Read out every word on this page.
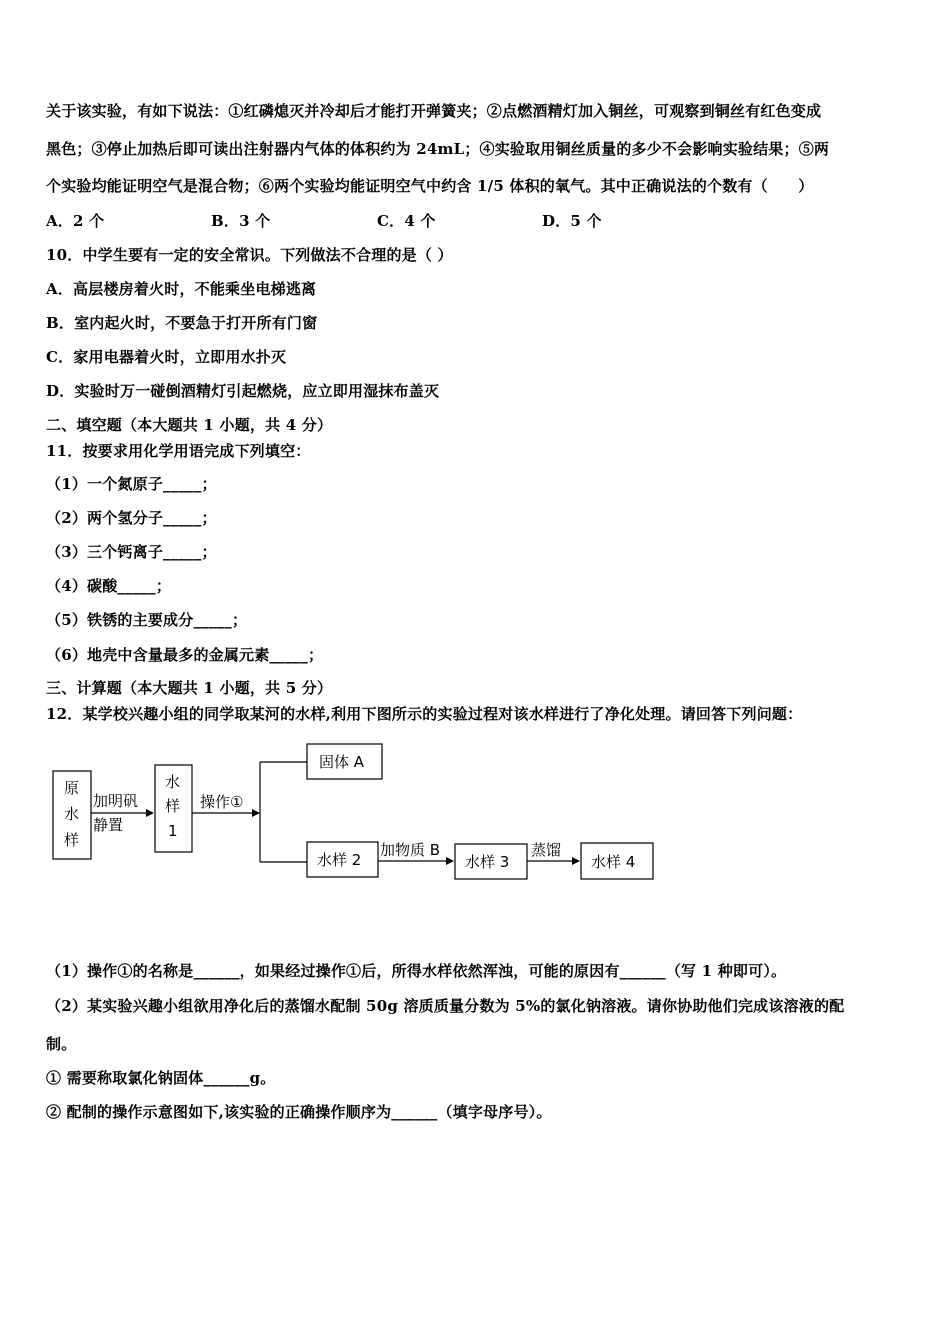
关于该实验，有如下说法：①红磷熄灭并冷却后才能打开弹簧夹；②点燃酒精灯加入铜丝，可观察到铜丝有红色变成
黑色；③停止加热后即可读出注射器内气体的体积约为 24mL；④实验取用铜丝质量的多少不会影响实验结果；⑤两
个实验均能证明空气是混合物；⑥两个实验均能证明空气中约含 1/5 体积的氧气。其中正确说法的个数有（　　）
A．2 个	B．3 个	C．4 个	D．5 个
10．中学生要有一定的安全常识。下列做法不合理的是（ ）
A．高层楼房着火时，不能乘坐电梯逃离
B．室内起火时，不要急于打开所有门窗
C．家用电器着火时，立即用水扑灭
D．实验时万一碰倒酒精灯引起燃烧，应立即用湿抹布盖灭
二、填空题（本大题共 1 小题，共 4 分）
11．按要求用化学用语完成下列填空：
（1）一个氮原子_____；
（2）两个氢分子_____；
（3）三个钙离子_____；
（4）碳酸_____；
（5）铁锈的主要成分_____；
（6）地壳中含量最多的金属元素_____；
三、计算题（本大题共 1 小题，共 5 分）
12．某学校兴趣小组的同学取某河的水样,利用下图所示的实验过程对该水样进行了净化处理。请回答下列问题：
原
水
样
加明矾
静置
水
样
1
操作①
固体 A
水样 2
加物质 B
水样 3
蒸馏
水样 4
（1）操作①的名称是______，如果经过操作①后，所得水样依然浑浊，可能的原因有______（写 1 种即可）。
（2）某实验兴趣小组欲用净化后的蒸馏水配制 50g 溶质质量分数为 5%的氯化钠溶液。请你协助他们完成该溶液的配
制。
① 需要称取氯化钠固体______g。
② 配制的操作示意图如下,该实验的正确操作顺序为______（填字母序号）。
